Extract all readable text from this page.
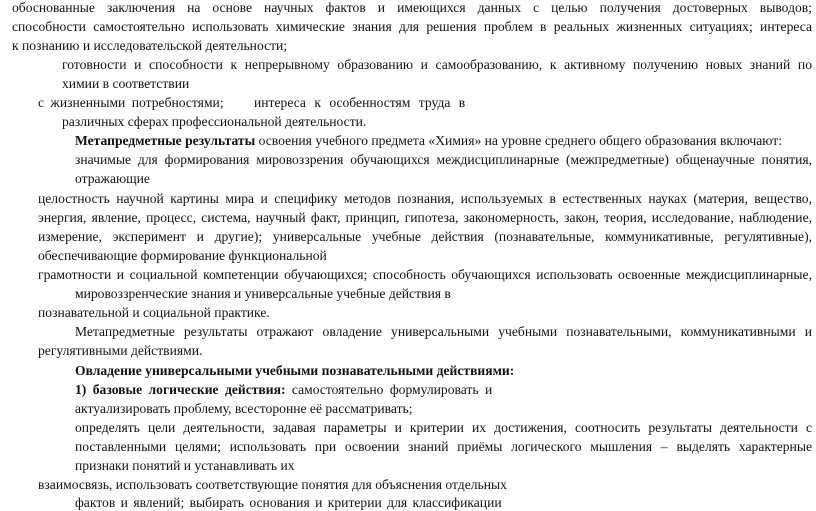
обоснованные заключения на основе научных фактов и имеющихся данных с целью получения достоверных выводов;
способности самостоятельно использовать химические знания для решения проблем в реальных жизненных ситуациях; интереса
к познанию и исследовательской деятельности;
готовности и способности к непрерывному образованию и самообразованию, к активному получению новых знаний по
химии в соответствии
с жизненными потребностями; интереса к особенностям труда в
различных сферах профессиональной деятельности.
Метапредметные результаты освоения учебного предмета «Химия» на уровне среднего общего образования включают:
значимые для формирования мировоззрения обучающихся междисциплинарные (межпредметные) общенаучные понятия,
отражающие
целостность научной картины мира и специфику методов познания, используемых в естественных науках (материя, вещество,
энергия, явление, процесс, система, научный факт, принцип, гипотеза, закономерность, закон, теория, исследование, наблюдение,
измерение, эксперимент и другие); универсальные учебные действия (познавательные, коммуникативные, регулятивные),
обеспечивающие формирование функциональной
грамотности и социальной компетенции обучающихся; способность обучающихся использовать освоенные междисциплинарные,
мировоззренческие знания и универсальные учебные действия в
познавательной и социальной практике.
Метапредметные результаты отражают овладение универсальными учебными познавательными, коммуникативными и
регулятивными действиями.
Овладение универсальными учебными познавательными действиями:
1) базовые логические действия: самостоятельно формулировать и
актуализировать проблему, всесторонне её рассматривать;
определять цели деятельности, задавая параметры и критерии их достижения, соотносить результаты деятельности с
поставленными целями; использовать при освоении знаний приёмы логического мышления – выделять характерные
признаки понятий и устанавливать их
взаимосвязь, использовать соответствующие понятия для объяснения отдельных
фактов и явлений; выбирать основания и критерии для классификации
